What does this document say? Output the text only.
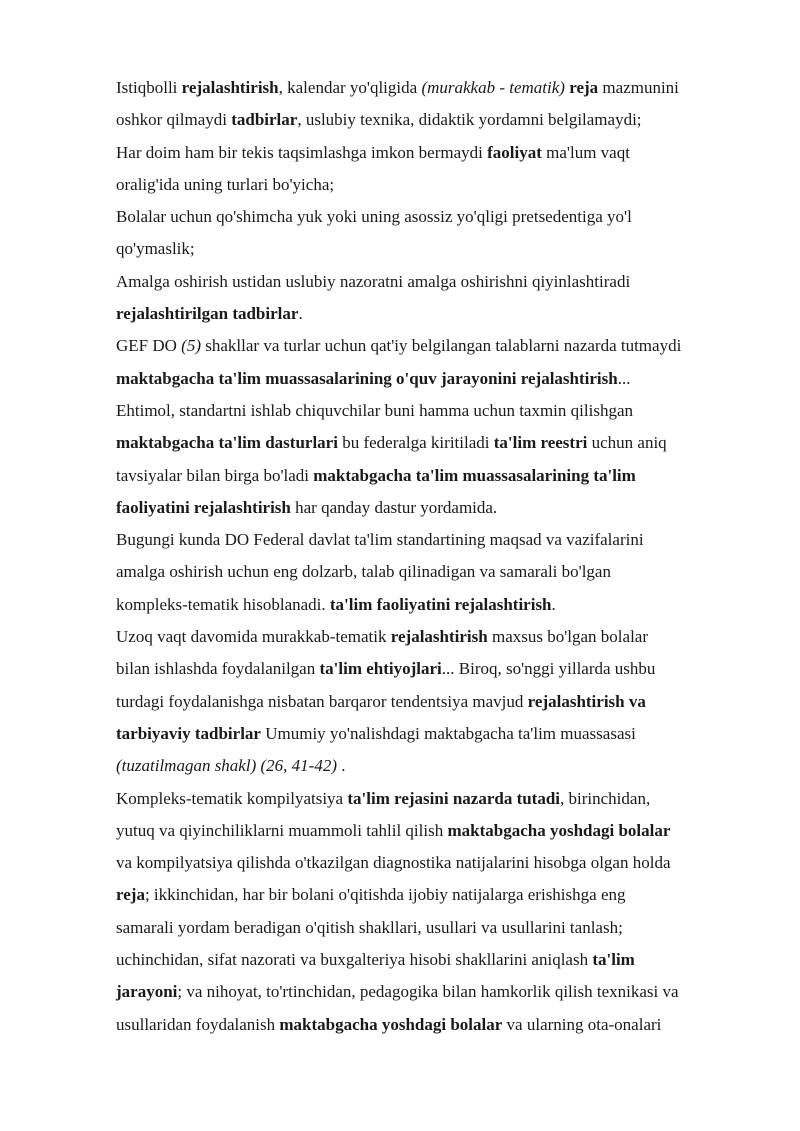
Istiqbolli rejalashtirish, kalendar yo'qligida (murakkab - tematik) reja mazmunini
oshkor qilmaydi tadbirlar, uslubiy texnika, didaktik yordamni belgilamaydi;
Har doim ham bir tekis taqsimlashga imkon bermaydi faoliyat ma'lum vaqt
oralig'ida uning turlari bo'yicha;
Bolalar uchun qo'shimcha yuk yoki uning asossiz yo'qligi pretsedentiga yo'l
qo'ymaslik;
Amalga oshirish ustidan uslubiy nazoratni amalga oshirishni qiyinlashtiradi
rejalashtirilgan tadbirlar.
GEF DO (5) shakllar va turlar uchun qat'iy belgilangan talablarni nazarda tutmaydi
maktabgacha ta'lim muassasalarining o'quv jarayonini rejalashtirish...
Ehtimol, standartni ishlab chiquvchilar buni hamma uchun taxmin qilishgan
maktabgacha ta'lim dasturlari bu federalga kiritiladi ta'lim reestri uchun aniq
tavsiyalar bilan birga bo'ladi maktabgacha ta'lim muassasalarining ta'lim
faoliyatini rejalashtirish har qanday dastur yordamida.
Bugungi kunda DO Federal davlat ta'lim standartining maqsad va vazifalarini
amalga oshirish uchun eng dolzarb, talab qilinadigan va samarali bo'lgan
kompleks-tematik hisoblanadi. ta'lim faoliyatini rejalashtirish.
Uzoq vaqt davomida murakkab-tematik rejalashtirish maxsus bo'lgan bolalar
bilan ishlashda foydalanilgan ta'lim ehtiyojlari... Biroq, so'nggi yillarda ushbu
turdagi foydalanishga nisbatan barqaror tendentsiya mavjud rejalashtirish va
tarbiyaviy tadbirlar Umumiy yo'nalishdagi maktabgacha ta'lim muassasasi
(tuzatilmagan shakl) (26, 41-42) .
Kompleks-tematik kompilyatsiya ta'lim rejasini nazarda tutadi, birinchidan,
yutuq va qiyinchiliklarni muammoli tahlil qilish maktabgacha yoshdagi bolalar
va kompilyatsiya qilishda o'tkazilgan diagnostika natijalarini hisobga olgan holda
reja; ikkinchidan, har bir bolani o'qitishda ijobiy natijalarga erishishga eng
samarali yordam beradigan o'qitish shakllari, usullari va usullarini tanlash;
uchinchidan, sifat nazorati va buxgalteriya hisobi shakllarini aniqlash ta'lim
jarayoni; va nihoyat, to'rtinchidan, pedagogika bilan hamkorlik qilish texnikasi va
usullaridan foydalanish maktabgacha yoshdagi bolalar va ularning ota-onalari
